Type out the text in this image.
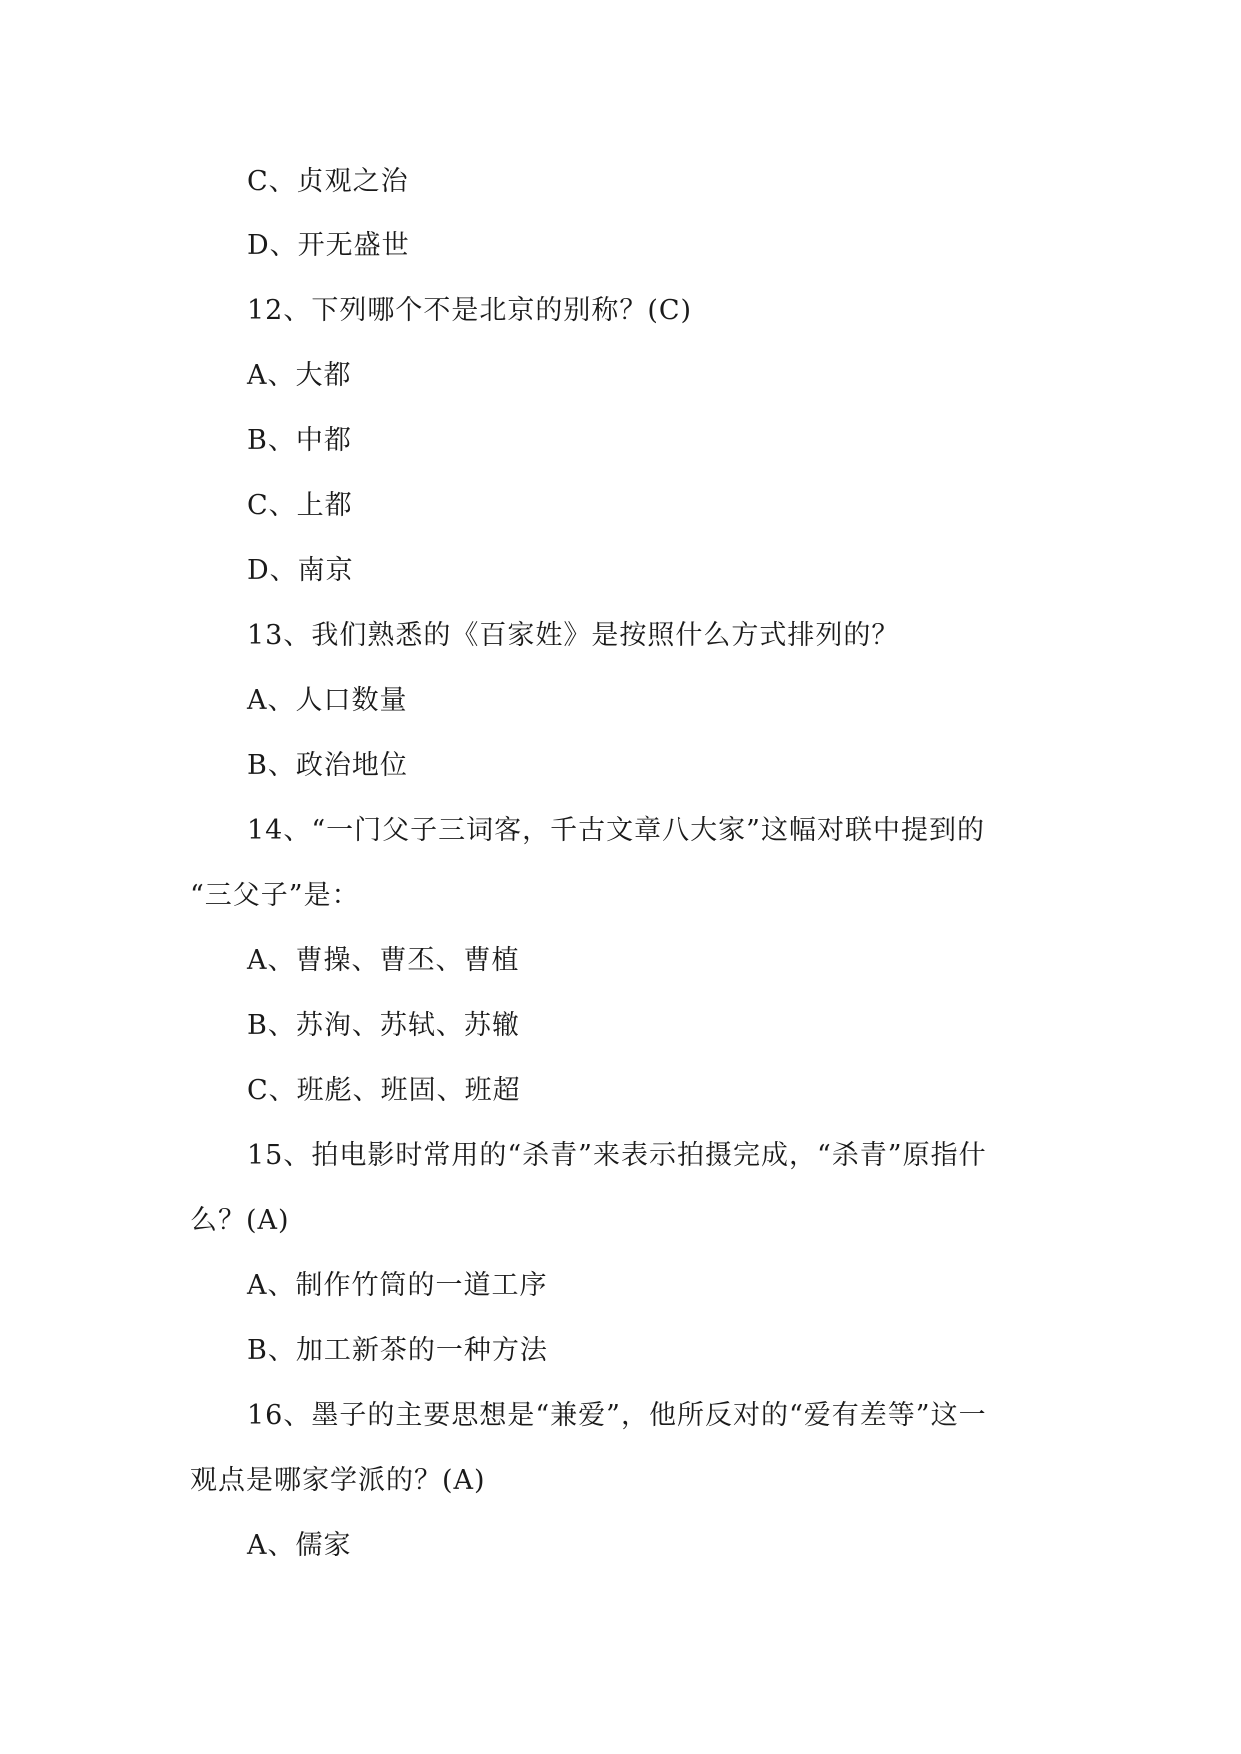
C、贞观之治
D、开无盛世
12、下列哪个不是北京的别称？(C)
A、大都
B、中都
C、上都
D、南京
13、我们熟悉的《百家姓》是按照什么方式排列的？
A、人口数量
B、政治地位
14、“一门父子三词客，千古文章八大家”这幅对联中提到的
“三父子”是：
A、曹操、曹丕、曹植
B、苏洵、苏轼、苏辙
C、班彪、班固、班超
15、拍电影时常用的“杀青”来表示拍摄完成，“杀青”原指什
么？(A)
A、制作竹筒的一道工序
B、加工新茶的一种方法
16、墨子的主要思想是“兼爱”，他所反对的“爱有差等”这一
观点是哪家学派的？(A)
A、儒家
